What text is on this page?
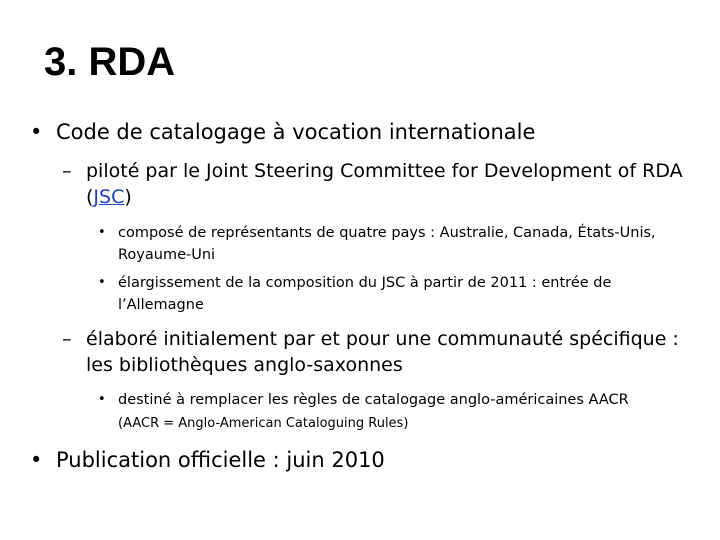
3. RDA
• Code de catalogage à vocation internationale
– piloté par le Joint Steering Committee for Development of RDA (JSC)
• composé de représentants de quatre pays : Australie, Canada, États-Unis, Royaume-Uni
• élargissement de la composition du JSC à partir de 2011 : entrée de l’Allemagne
– élaboré initialement par et pour une communauté spécifique : les bibliothèques anglo-saxonnes
• destiné à remplacer les règles de catalogage anglo-américaines AACR
(AACR = Anglo-American Cataloguing Rules)
• Publication officielle : juin 2010
